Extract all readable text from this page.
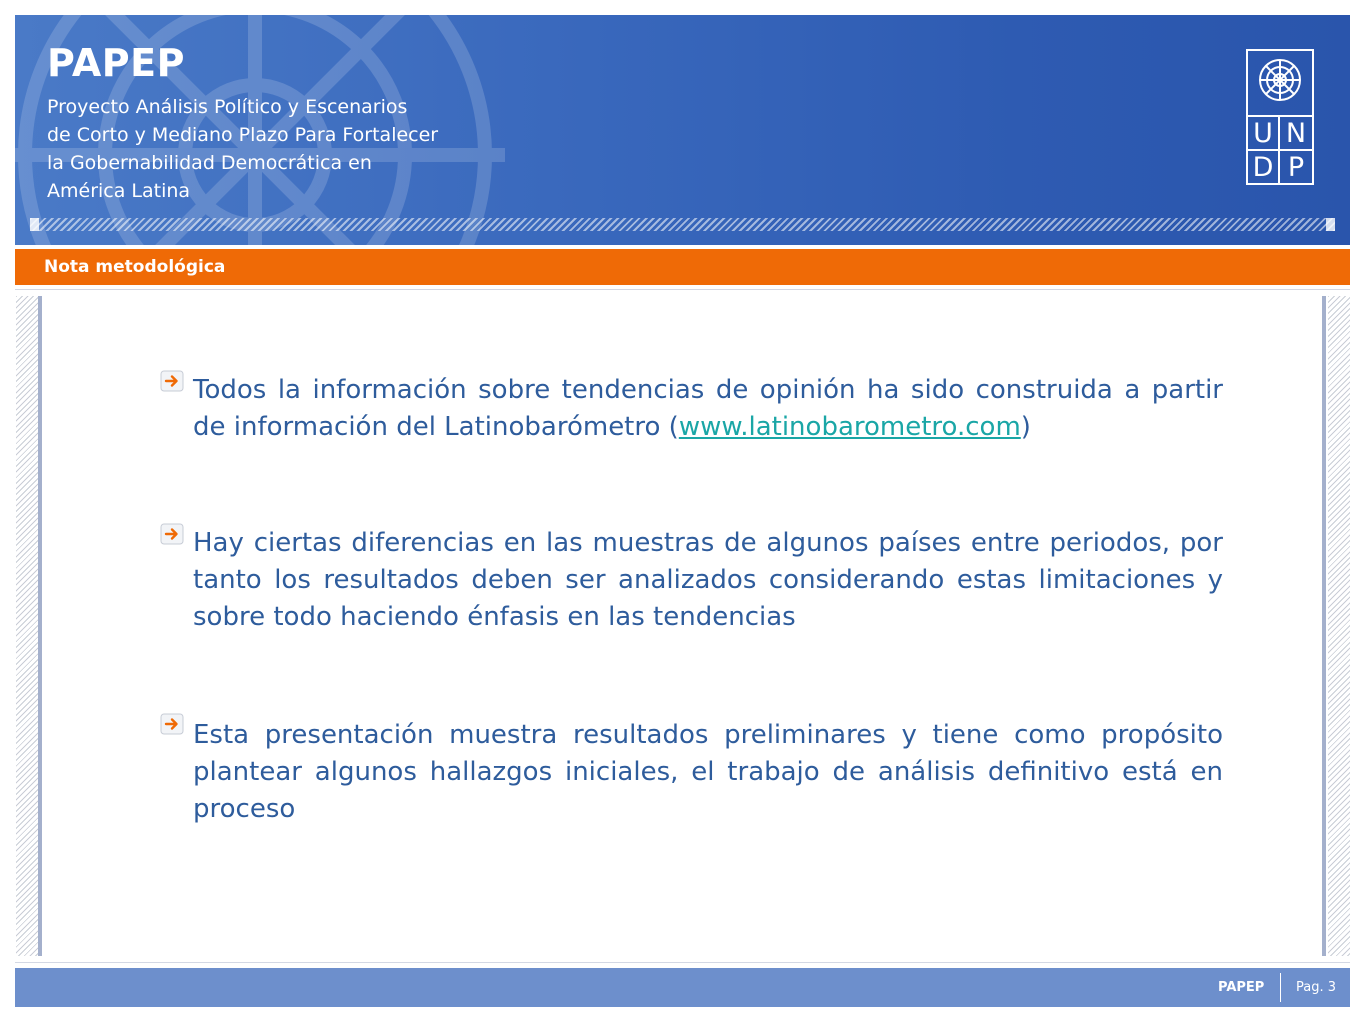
PAPEP
Proyecto Análisis Político y Escenarios
de Corto y Mediano Plazo Para Fortalecer
la Gobernabilidad Democrática en
América Latina
U N
D P
Nota metodológica
Todos la información sobre tendencias de opinión ha sido construida a partir de información del Latinobarómetro (www.latinobarometro.com)
Hay ciertas diferencias en las muestras de algunos países entre periodos, por tanto los resultados deben ser analizados considerando estas limitaciones y sobre todo haciendo énfasis en las tendencias
Esta presentación muestra resultados preliminares y tiene como propósito plantear algunos hallazgos iniciales, el trabajo de análisis definitivo está en proceso
PAPEP Pag. 3
